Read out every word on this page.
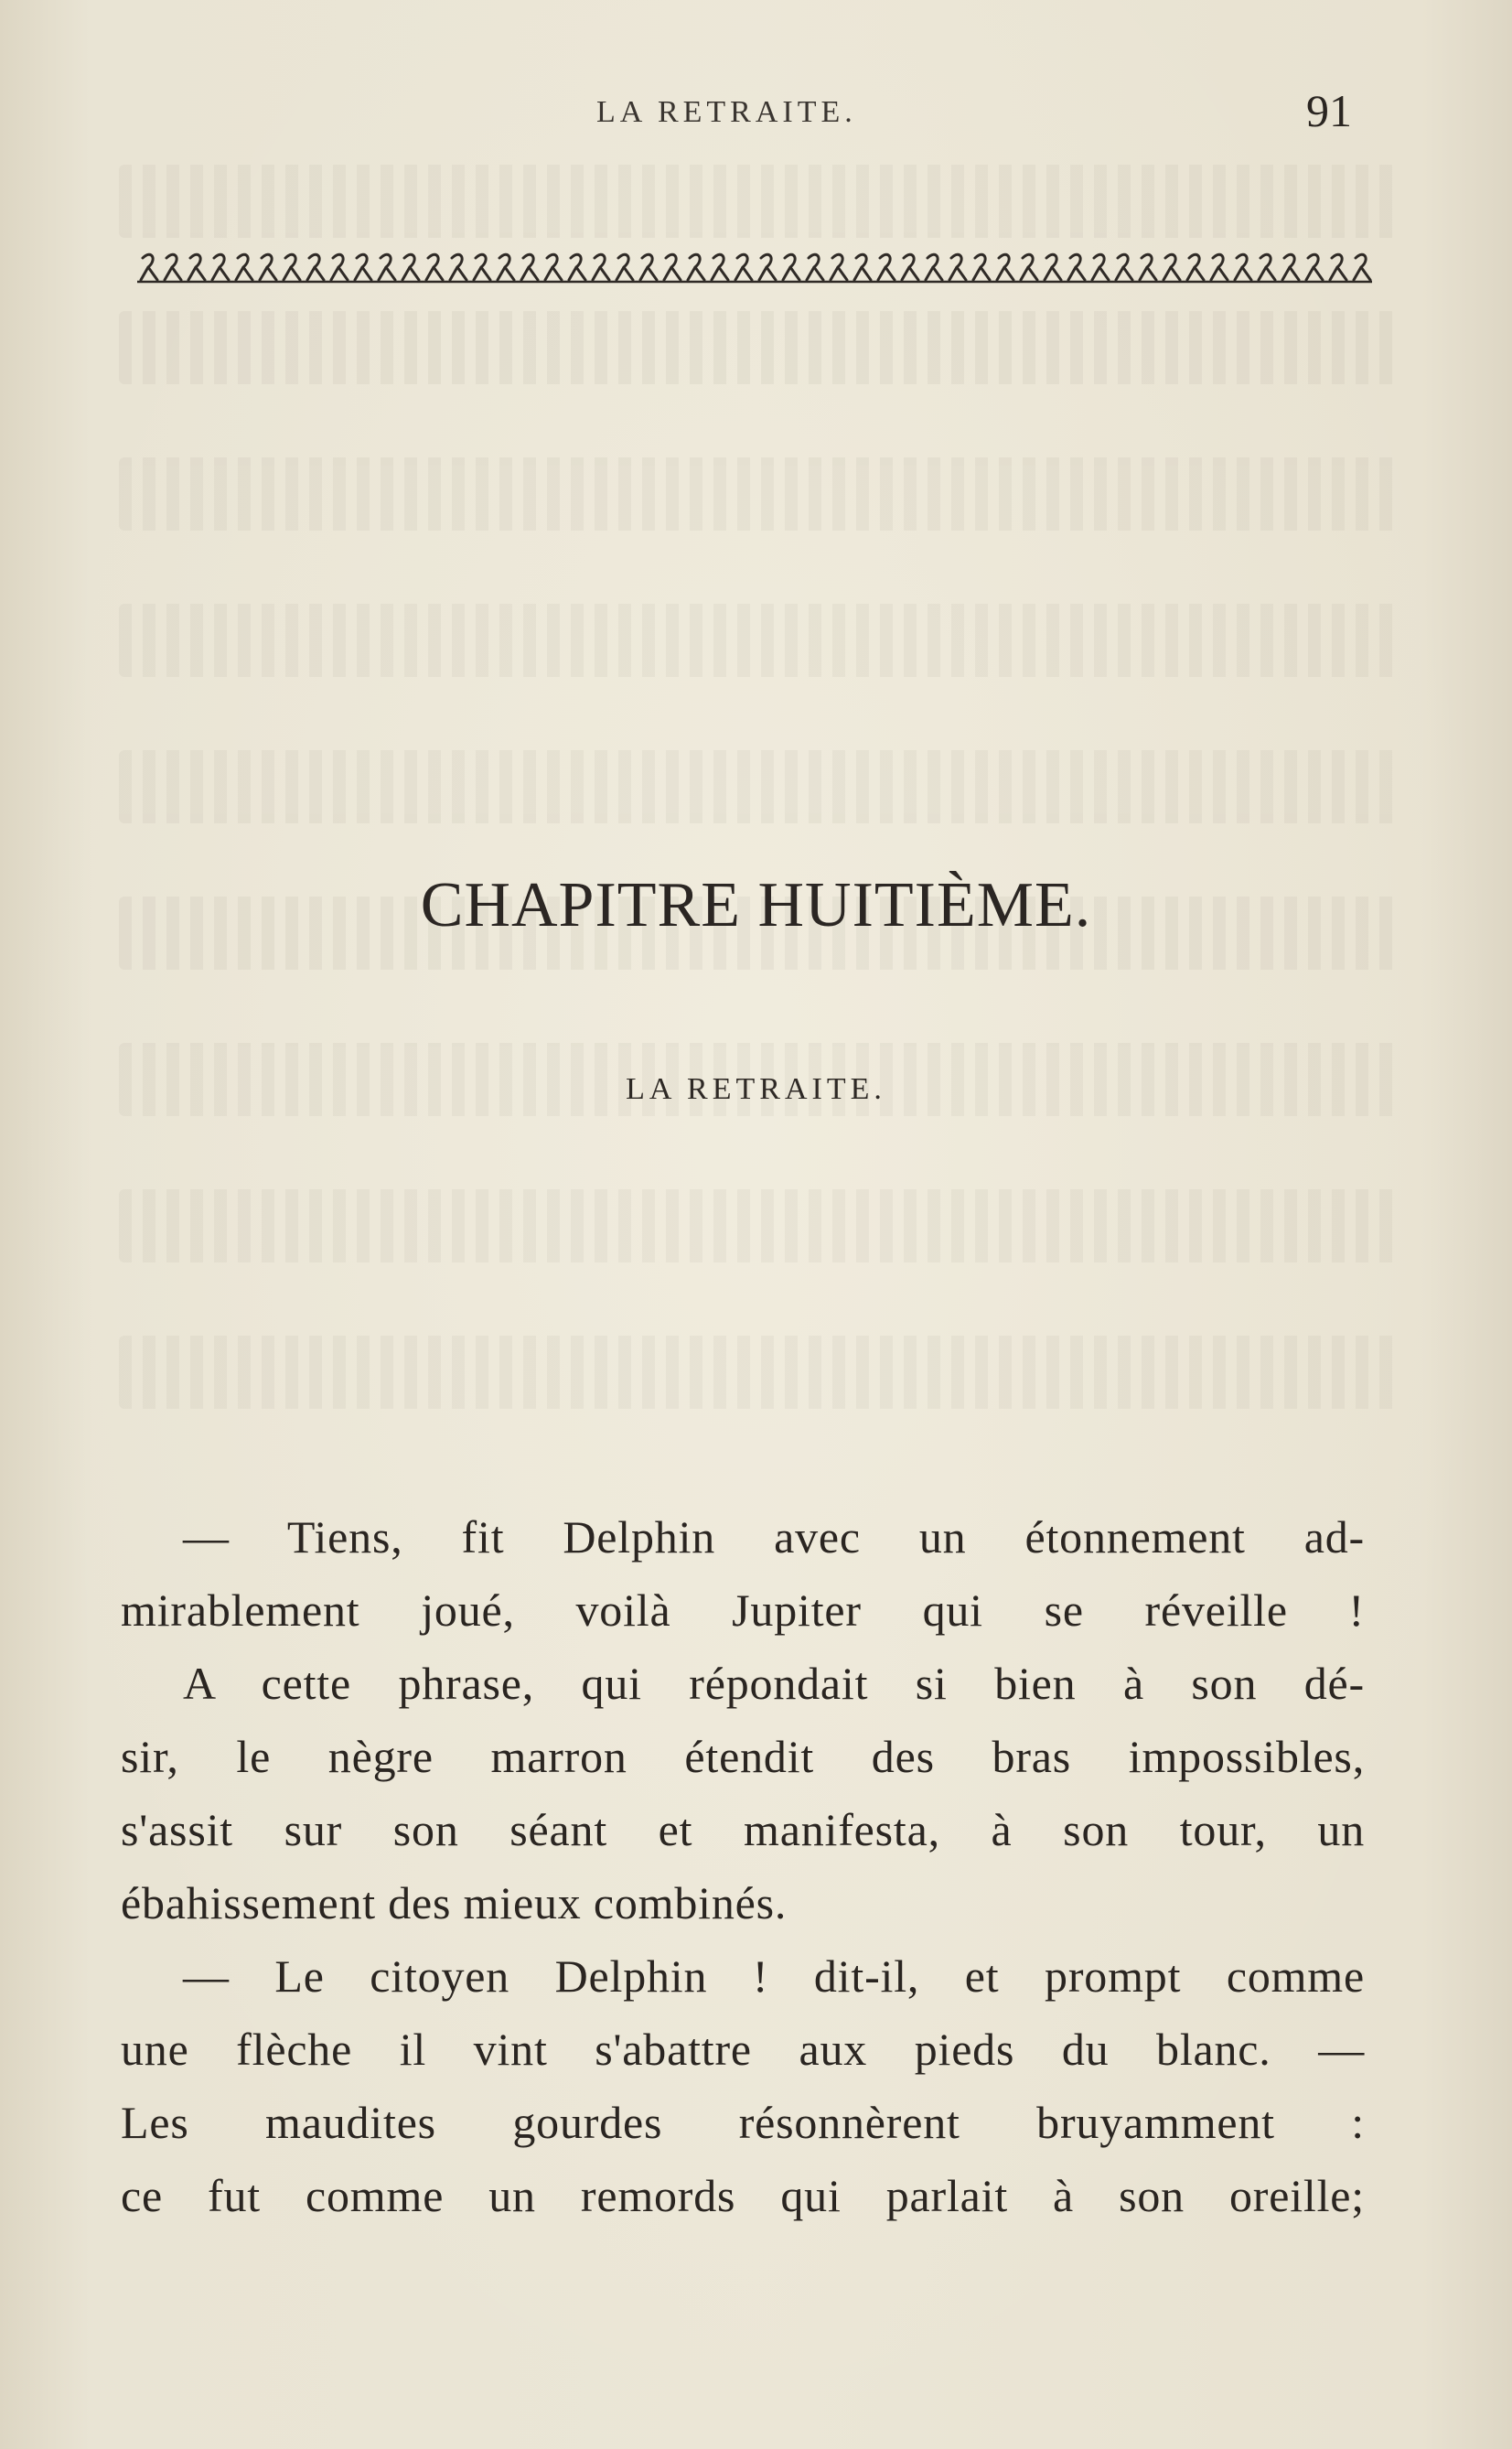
LA RETRAITE.	91
CHAPITRE HUITIÈME.
LA RETRAITE.
— Tiens, fit Delphin avec un étonnement ad-
mirablement joué, voilà Jupiter qui se réveille !
A cette phrase, qui répondait si bien à son dé-
sir, le nègre marron étendit des bras impossibles,
s'assit sur son séant et manifesta, à son tour, un
ébahissement des mieux combinés.
— Le citoyen Delphin ! dit-il, et prompt comme
une flèche il vint s'abattre aux pieds du blanc. —
Les maudites gourdes résonnèrent bruyamment :
ce fut comme un remords qui parlait à son oreille;
